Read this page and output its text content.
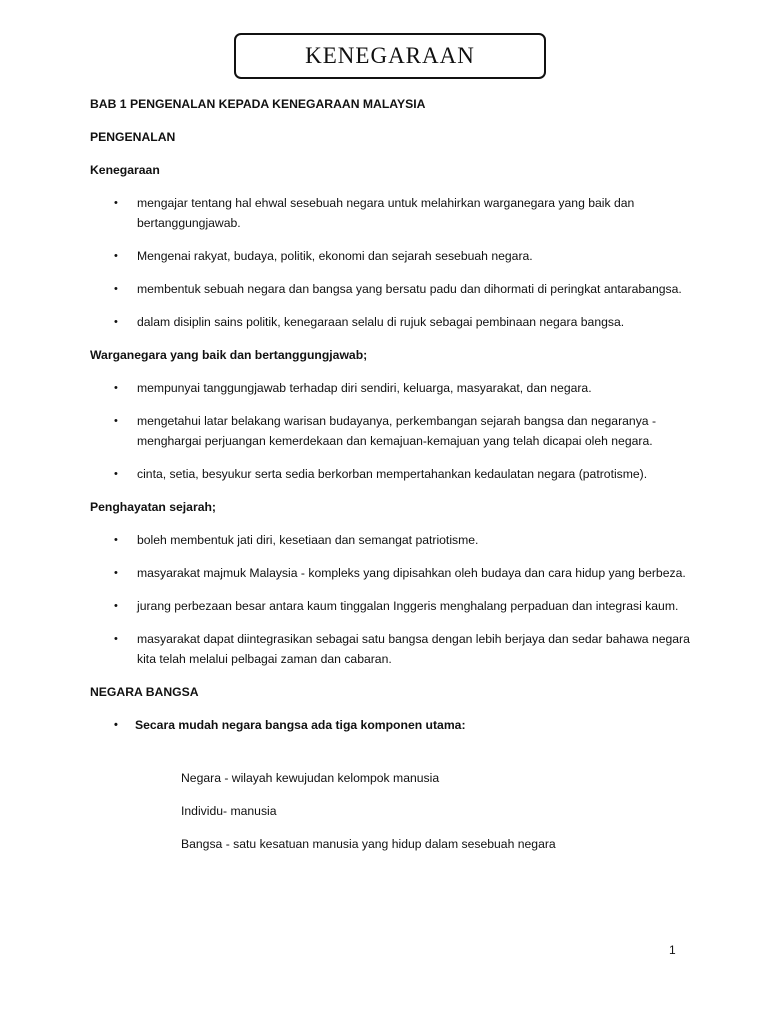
KENEGARAAN

BAB 1 PENGENALAN KEPADA KENEGARAAN MALAYSIA

PENGENALAN

Kenegaraan

• mengajar tentang hal ehwal sesebuah negara untuk melahirkan warganegara yang baik dan bertanggungjawab.
• Mengenai rakyat, budaya, politik, ekonomi dan sejarah sesebuah negara.
• membentuk sebuah negara dan bangsa yang bersatu padu dan dihormati di peringkat antarabangsa.
• dalam disiplin sains politik, kenegaraan selalu di rujuk sebagai pembinaan negara bangsa.

Warganegara yang baik dan bertanggungjawab;

• mempunyai tanggungjawab terhadap diri sendiri, keluarga, masyarakat, dan negara.
• mengetahui latar belakang warisan budayanya, perkembangan sejarah bangsa dan negaranya - menghargai perjuangan kemerdekaan dan kemajuan-kemajuan yang telah dicapai oleh negara.
• cinta, setia, besyukur serta sedia berkorban mempertahankan kedaulatan negara (patrotisme).

Penghayatan sejarah;

• boleh membentuk jati diri, kesetiaan dan semangat patriotisme.
• masyarakat majmuk Malaysia - kompleks yang dipisahkan oleh budaya dan cara hidup yang berbeza.
• jurang perbezaan besar antara kaum tinggalan Inggeris menghalang perpaduan dan integrasi kaum.
• masyarakat dapat diintegrasikan sebagai satu bangsa dengan lebih berjaya dan sedar bahawa negara kita telah melalui pelbagai zaman dan cabaran.

NEGARA BANGSA

• Secara mudah negara bangsa ada tiga komponen utama:
Negara - wilayah kewujudan kelompok manusia
Individu- manusia
Bangsa - satu kesatuan manusia yang hidup dalam sesebuah negara
1
